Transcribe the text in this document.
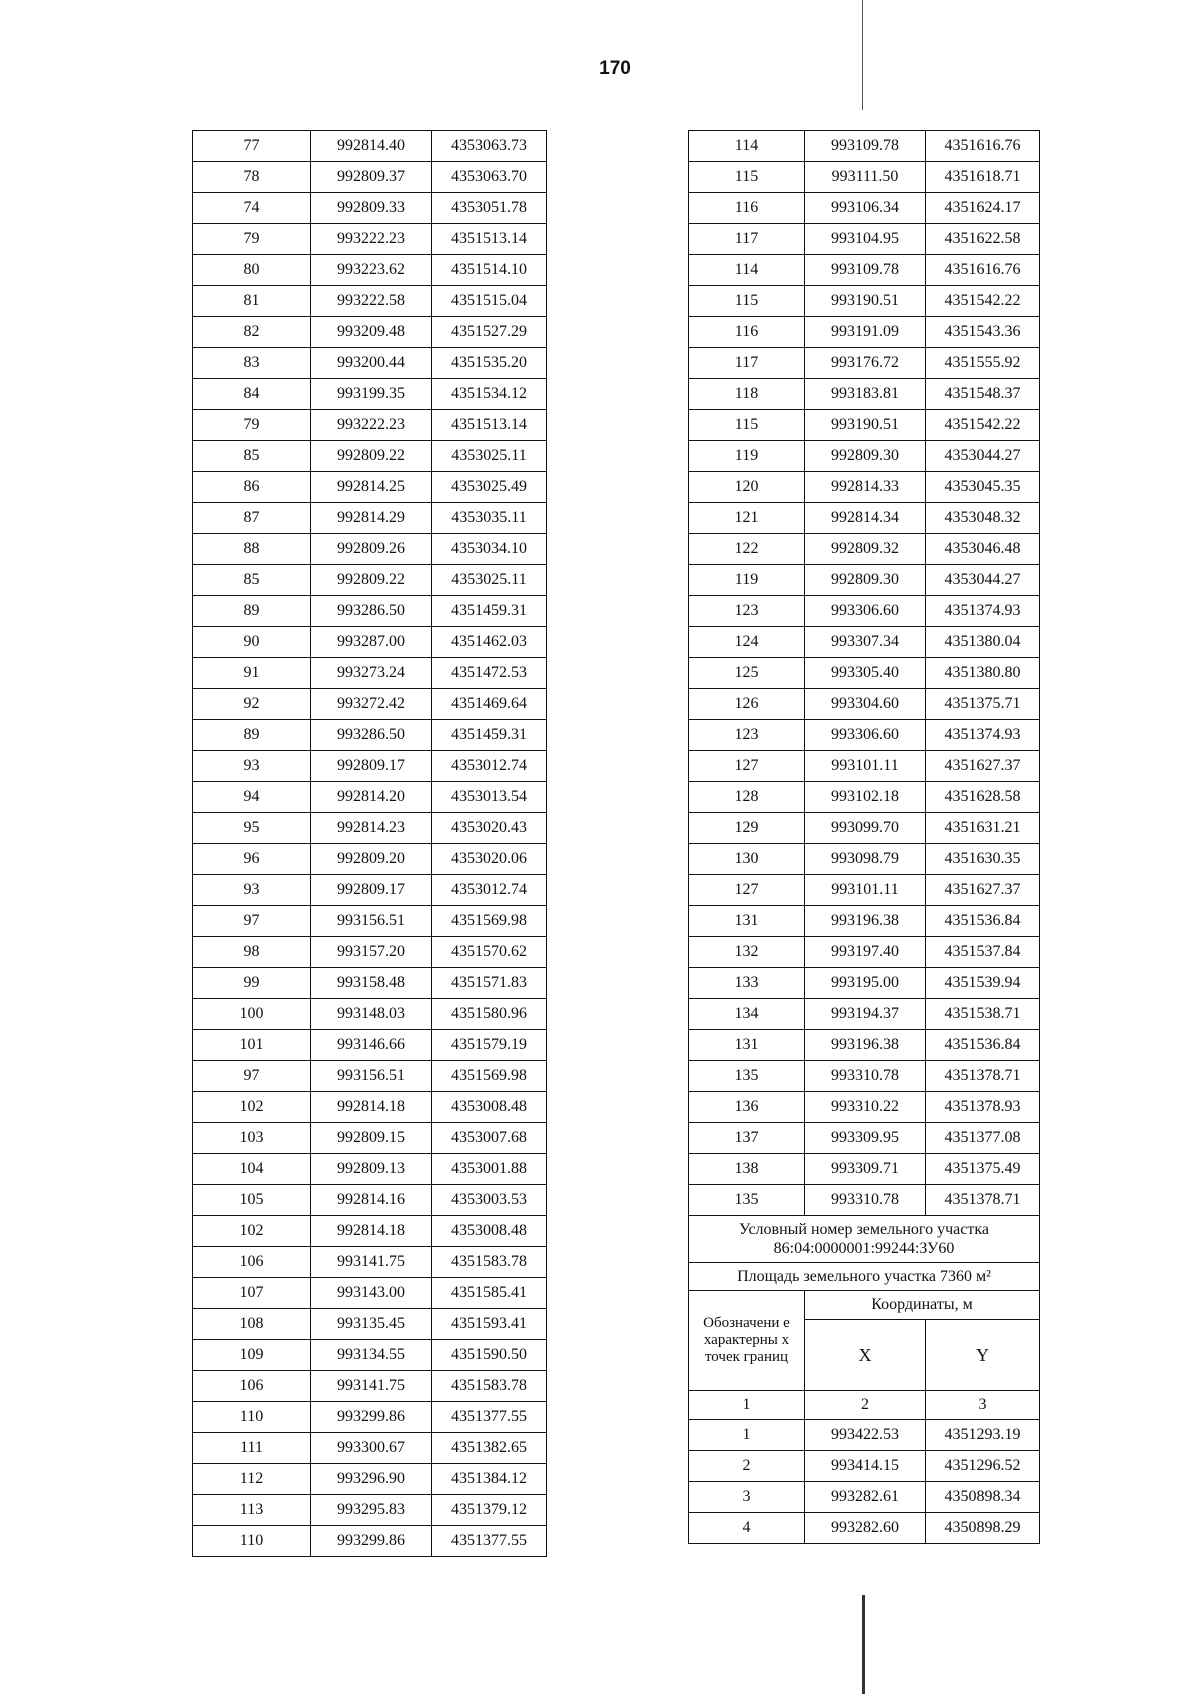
170
77	992814.40	4353063.73
78	992809.37	4353063.70
74	992809.33	4353051.78
79	993222.23	4351513.14
80	993223.62	4351514.10
81	993222.58	4351515.04
82	993209.48	4351527.29
83	993200.44	4351535.20
84	993199.35	4351534.12
79	993222.23	4351513.14
85	992809.22	4353025.11
86	992814.25	4353025.49
87	992814.29	4353035.11
88	992809.26	4353034.10
85	992809.22	4353025.11
89	993286.50	4351459.31
90	993287.00	4351462.03
91	993273.24	4351472.53
92	993272.42	4351469.64
89	993286.50	4351459.31
93	992809.17	4353012.74
94	992814.20	4353013.54
95	992814.23	4353020.43
96	992809.20	4353020.06
93	992809.17	4353012.74
97	993156.51	4351569.98
98	993157.20	4351570.62
99	993158.48	4351571.83
100	993148.03	4351580.96
101	993146.66	4351579.19
97	993156.51	4351569.98
102	992814.18	4353008.48
103	992809.15	4353007.68
104	992809.13	4353001.88
105	992814.16	4353003.53
102	992814.18	4353008.48
106	993141.75	4351583.78
107	993143.00	4351585.41
108	993135.45	4351593.41
109	993134.55	4351590.50
106	993141.75	4351583.78
110	993299.86	4351377.55
111	993300.67	4351382.65
112	993296.90	4351384.12
113	993295.83	4351379.12
110	993299.86	4351377.55
114	993109.78	4351616.76
115	993111.50	4351618.71
116	993106.34	4351624.17
117	993104.95	4351622.58
114	993109.78	4351616.76
115	993190.51	4351542.22
116	993191.09	4351543.36
117	993176.72	4351555.92
118	993183.81	4351548.37
115	993190.51	4351542.22
119	992809.30	4353044.27
120	992814.33	4353045.35
121	992814.34	4353048.32
122	992809.32	4353046.48
119	992809.30	4353044.27
123	993306.60	4351374.93
124	993307.34	4351380.04
125	993305.40	4351380.80
126	993304.60	4351375.71
123	993306.60	4351374.93
127	993101.11	4351627.37
128	993102.18	4351628.58
129	993099.70	4351631.21
130	993098.79	4351630.35
127	993101.11	4351627.37
131	993196.38	4351536.84
132	993197.40	4351537.84
133	993195.00	4351539.94
134	993194.37	4351538.71
131	993196.38	4351536.84
135	993310.78	4351378.71
136	993310.22	4351378.93
137	993309.95	4351377.08
138	993309.71	4351375.49
135	993310.78	4351378.71
Условный номер земельного участка
86:04:0000001:99244:ЗУ60		
Площадь земельного участка 7360 м²		
Обозначени е характерны х точек границ	Координаты, м	
	X	Y
1	2	3
1	993422.53	4351293.19
2	993414.15	4351296.52
3	993282.61	4350898.34
4	993282.60	4350898.29
